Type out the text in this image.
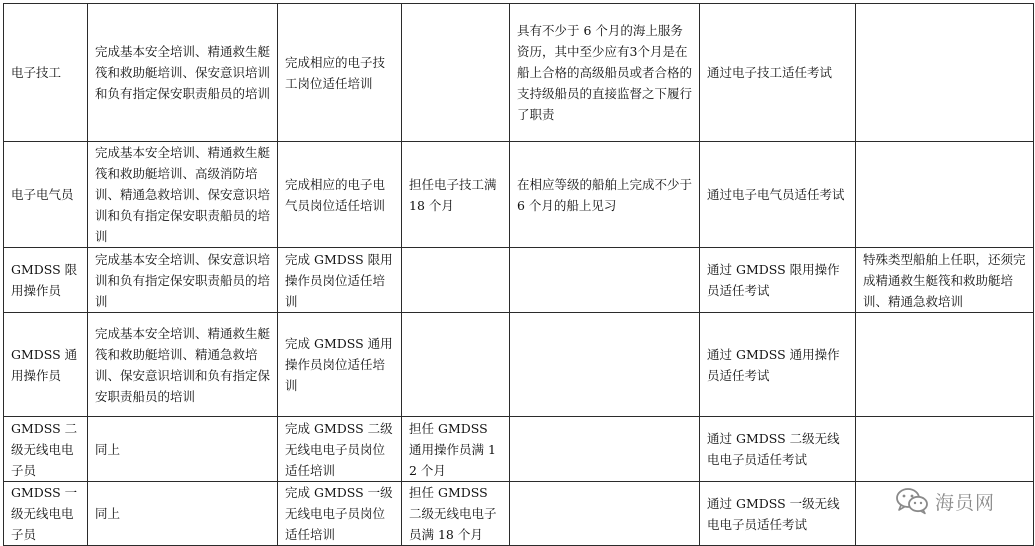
电子技工	完成基本安全培训、精通救生艇筏和救助艇培训、保安意识培训和负有指定保安职责船员的培训	完成相应的电子技工岗位适任培训		具有不少于 6 个月的海上服务资历，其中至少应有3个月是在船上合格的高级船员或者合格的支持级船员的直接监督之下履行了职责	通过电子技工适任考试	
电子电气员	完成基本安全培训、精通救生艇筏和救助艇培训、高级消防培训、精通急救培训、保安意识培训和负有指定保安职责船员的培训	完成相应的电子电气员岗位适任培训	担任电子技工满 18 个月	在相应等级的船舶上完成不少于 6 个月的船上见习	通过电子电气员适任考试	
GMDSS 限用操作员	完成基本安全培训、保安意识培训和负有指定保安职责船员的培训	完成 GMDSS 限用操作员岗位适任培训			通过 GMDSS 限用操作员适任考试	特殊类型船舶上任职，还须完成精通救生艇筏和救助艇培训、精通急救培训
GMDSS 通用操作员	完成基本安全培训、精通救生艇筏和救助艇培训、精通急救培训、保安意识培训和负有指定保安职责船员的培训	完成 GMDSS 通用操作员岗位适任培训			通过 GMDSS 通用操作员适任考试	
GMDSS 二级无线电电子员	同上	完成 GMDSS 二级无线电电子员岗位适任培训	担任 GMDSS 通用操作员满 12 个月		通过 GMDSS 二级无线电电子员适任考试	
GMDSS 一级无线电电子员	同上	完成 GMDSS 一级无线电电子员岗位适任培训	担任 GMDSS 二级无线电电子员满 18 个月		通过 GMDSS 一级无线电电子员适任考试	
海员网
